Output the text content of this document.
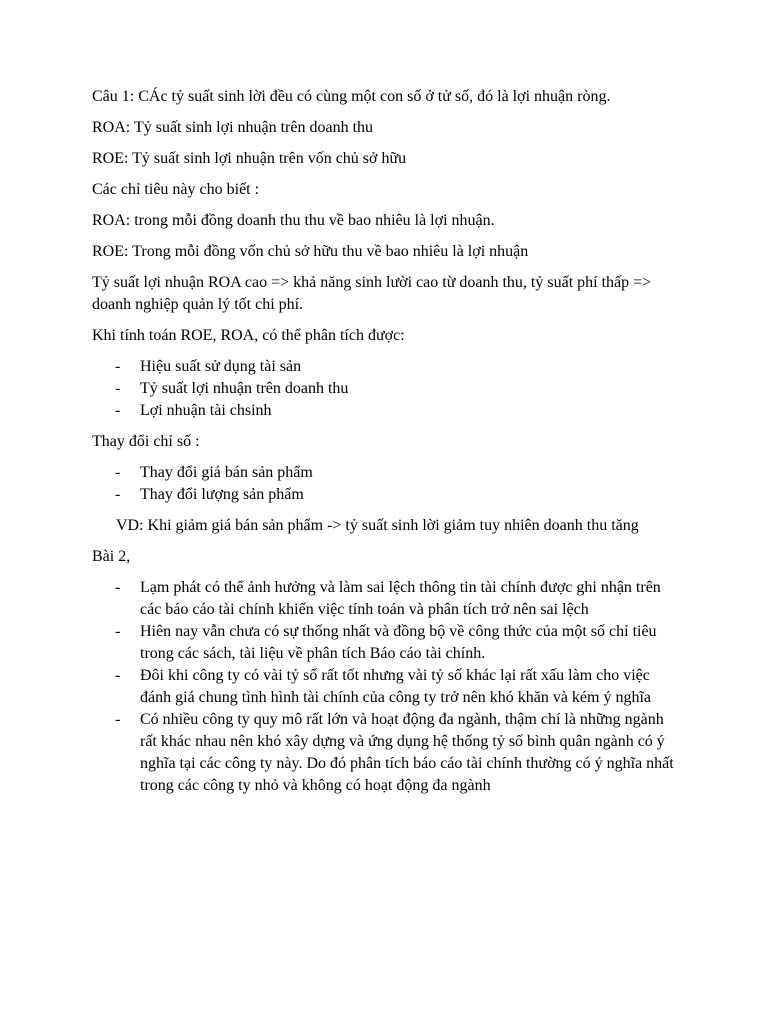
Câu 1: CÁc tỷ suất sinh lời đều có cùng một con số ở tử số, đó là lợi nhuận ròng.

ROA: Tỷ suất sinh lợi nhuận trên doanh thu

ROE: Tỷ suất sinh lợi nhuận trên vốn chủ sở hữu

Các chỉ tiêu này cho biết :

ROA: trong mỗi đồng doanh thu thu về bao nhiêu là lợi nhuận.

ROE: Trong mỗi đồng vốn chủ sở hữu thu về bao nhiêu là lợi nhuận

Tỷ suất lợi nhuận ROA cao => khả năng sinh lười cao từ doanh thu, tỷ suất phí thấp => doanh nghiệp quản lý tốt chi phí.

Khi tính toán ROE, ROA, có thể phân tích được:

- Hiệu suất sử dụng tài sản
- Tỷ suất lợi nhuận trên doanh thu
- Lợi nhuận tài chsinh

Thay đổi chỉ số :

- Thay đổi giá bán sản phẩm
- Thay đổi lượng sản phẩm

VD: Khi giảm giá bán sản phẩm -> tỷ suất sinh lời giảm tuy nhiên doanh thu tăng

Bài 2,

- Lạm phát có thể ảnh hưởng và làm sai lệch thông tin tài chính được ghi nhận trên các báo cáo tài chính khiến việc tính toán và phân tích trở nên sai lệch
- Hiên nay vẫn chưa có sự thống nhất và đồng bộ về công thức của một số chỉ tiêu trong các sách, tài liệu về phân tích Báo cáo tài chính.
- Đôi khi công ty có vài tỷ số rất tốt nhưng vài tỷ số khác lại rất xấu làm cho việc đánh giá chung tình hình tài chính của công ty trở nên khó khăn và kém ý nghĩa
- Có nhiều công ty quy mô rất lớn và hoạt động đa ngành, thậm chí là những ngành rất khác nhau nên khó xây dựng và ứng dụng hệ thống tỷ số bình quân ngành có ý nghĩa tại các công ty này. Do đó phân tích báo cáo tài chính thường có ý nghĩa nhất trong các công ty nhỏ và không có hoạt động đa ngành
